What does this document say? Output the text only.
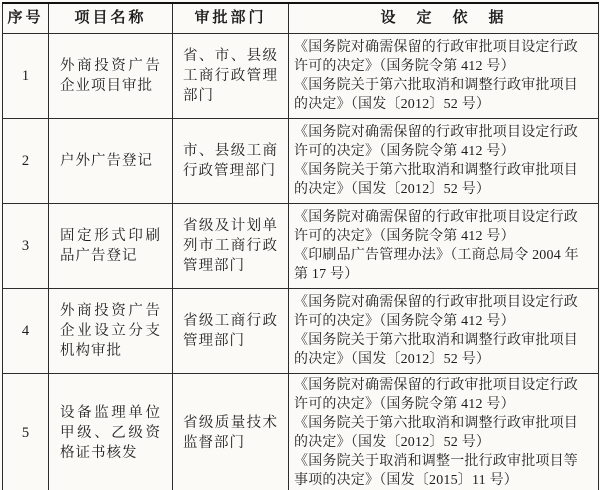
序号	项目名称	审批部门	设　定　依　据
1	外商投资广告企业项目审批	省、市、县级工商行政管理部门	《国务院对确需保留的行政审批项目设定行政许可的决定》（国务院令第 412 号）
《国务院关于第六批取消和调整行政审批项目的决定》（国发〔2012〕52 号）

2	户外广告登记	市、县级工商行政管理部门	《国务院对确需保留的行政审批项目设定行政许可的决定》（国务院令第 412 号）
《国务院关于第六批取消和调整行政审批项目的决定》（国发〔2012〕52 号）

3	固定形式印刷品广告登记	省级及计划单列市工商行政管理部门	《国务院对确需保留的行政审批项目设定行政许可的决定》（国务院令第 412 号）
《印刷品广告管理办法》（工商总局令 2004 年第 17 号）

4	外商投资广告企业设立分支机构审批	省级工商行政管理部门	《国务院对确需保留的行政审批项目设定行政许可的决定》（国务院令第 412 号）
《国务院关于第六批取消和调整行政审批项目的决定》（国发〔2012〕52 号）

5	设备监理单位甲级、乙级资格证书核发	省级质量技术监督部门	《国务院对确需保留的行政审批项目设定行政许可的决定》（国务院令第 412 号）
《国务院关于第六批取消和调整行政审批项目的决定》（国发〔2012〕52 号）
《国务院关于取消和调整一批行政审批项目等事项的决定》（国发〔2015〕11 号）
